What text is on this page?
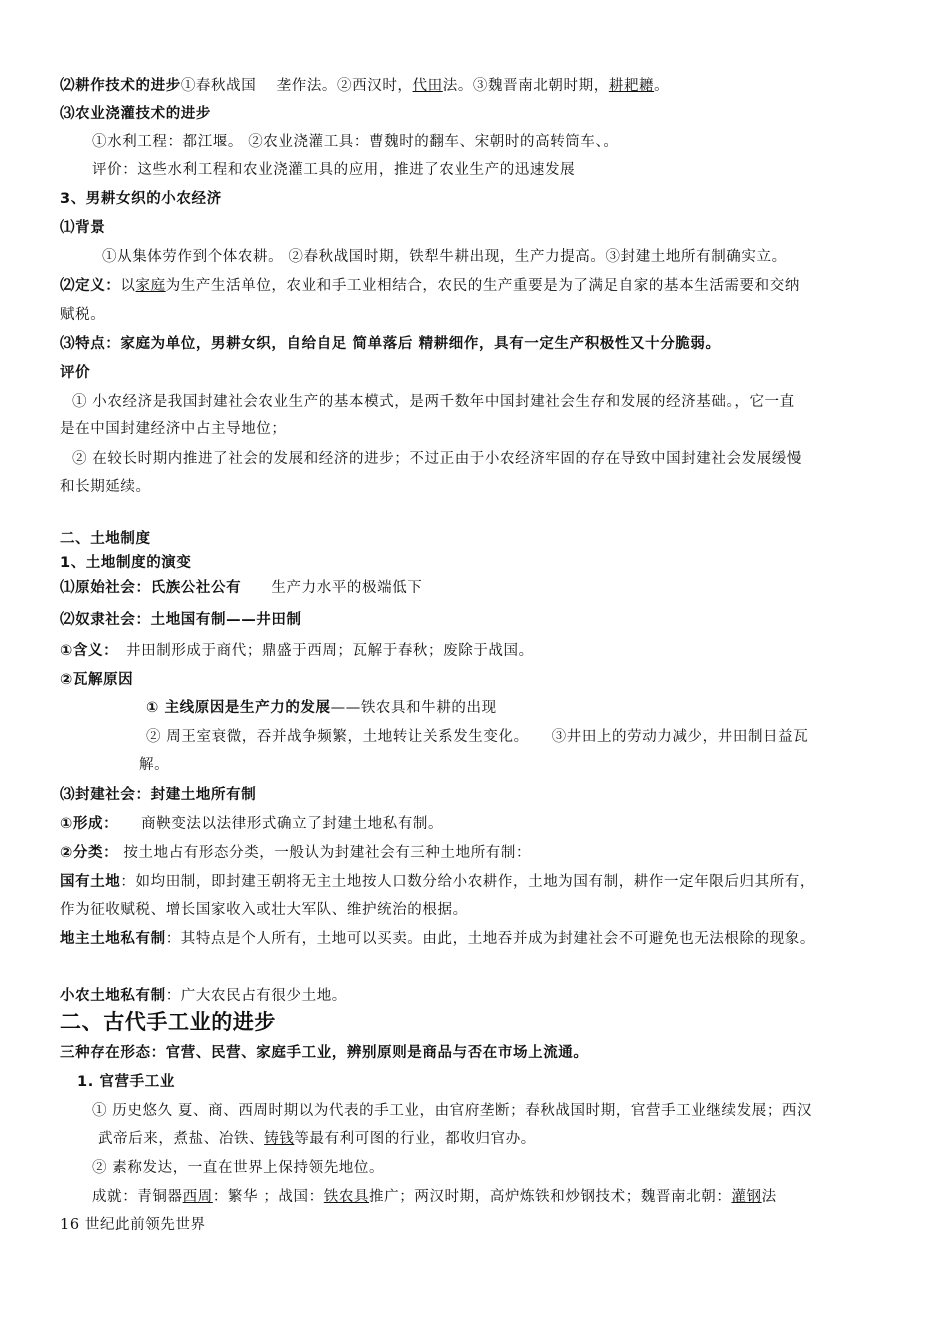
⑵耕作技术的进步①春秋战国　 垄作法。②西汉时，代田法。③魏晋南北朝时期，耕耙耱。
⑶农业浇灌技术的进步
①水利工程：都江堰。 ②农业浇灌工具：曹魏时的翻车、宋朝时的高转筒车、。
评价：这些水利工程和农业浇灌工具的应用，推进了农业生产的迅速发展
3、男耕女织的小农经济
⑴背景
①从集体劳作到个体农耕。 ②春秋战国时期，铁犁牛耕出现，生产力提高。③封建土地所有制确实立。
⑵定义：以家庭为生产生活单位，农业和手工业相结合，农民的生产重要是为了满足自家的基本生活需要和交纳
赋税。
⑶特点：家庭为单位，男耕女织，自给自足 简单落后 精耕细作，具有一定生产积极性又十分脆弱。
评价
① 小农经济是我国封建社会农业生产的基本模式，是两千数年中国封建社会生存和发展的经济基础。，它一直
是在中国封建经济中占主导地位；
② 在较长时期内推进了社会的发展和经济的进步；不过正由于小农经济牢固的存在导致中国封建社会发展缓慢
和长期延续。
二、土地制度
1、土地制度的演变
⑴原始社会：氏族公社公有　　生产力水平的极端低下
⑵奴隶社会：土地国有制——井田制
①含义：　井田制形成于商代；鼎盛于西周；瓦解于春秋；废除于战国。
②瓦解原因
① 主线原因是生产力的发展——铁农具和牛耕的出现
② 周王室衰微，吞并战争频繁，土地转让关系发生变化。　　③井田上的劳动力减少，井田制日益瓦
解。
⑶封建社会：封建土地所有制
①形成：　　商鞅变法以法律形式确立了封建土地私有制。
②分类： 按土地占有形态分类，一般认为封建社会有三种土地所有制：
国有土地：如均田制，即封建王朝将无主土地按人口数分给小农耕作，土地为国有制，耕作一定年限后归其所有，
作为征收赋税、增长国家收入或壮大军队、维护统治的根据。
地主土地私有制：其特点是个人所有，土地可以买卖。由此，土地吞并成为封建社会不可避免也无法根除的现象。
小农土地私有制：广大农民占有很少土地。
二、古代手工业的进步
三种存在形态：官营、民营、家庭手工业，辨别原则是商品与否在市场上流通。
1. 官营手工业
① 历史悠久 夏、商、西周时期以为代表的手工业，由官府垄断；春秋战国时期，官营手工业继续发展；西汉
武帝后来，煮盐、冶铁、铸钱等最有利可图的行业，都收归官办。
② 素称发达，一直在世界上保持领先地位。
成就：青铜器西周：繁华 ；战国：铁农具推广；两汉时期，高炉炼铁和炒钢技术；魏晋南北朝：灌钢法
16 世纪此前领先世界
